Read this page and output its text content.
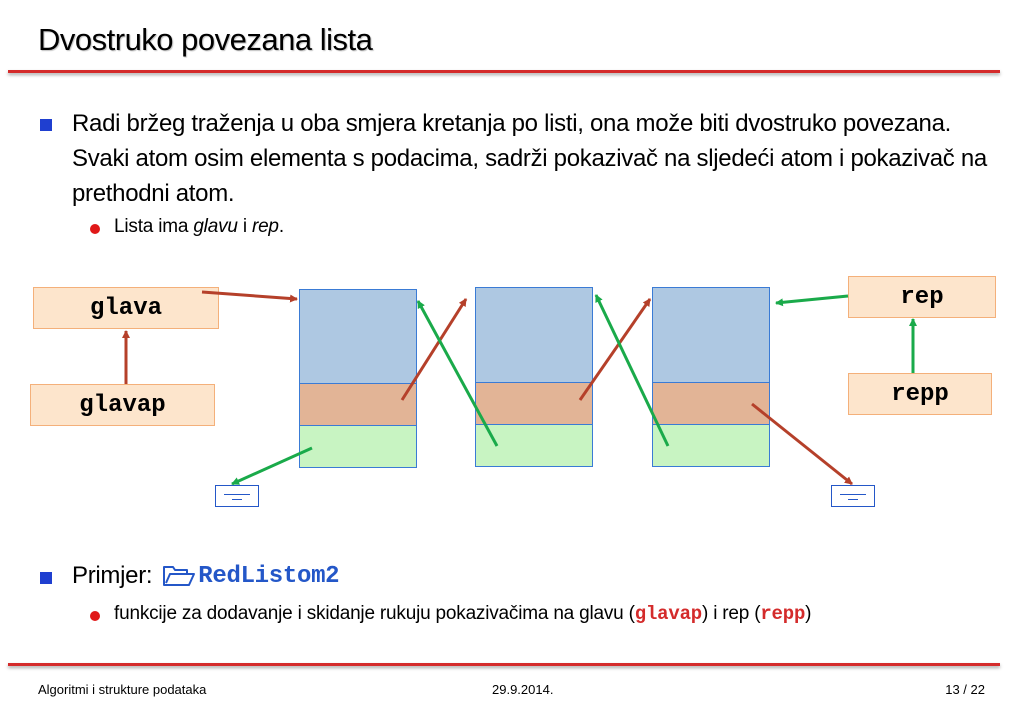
Dvostruko povezana lista
Radi bržeg traženja u oba smjera kretanja po listi, ona može biti dvostruko povezana. Svaki atom osim elementa s podacima, sadrži pokazivač na sljedeći atom i pokazivač na prethodni atom.
Lista ima glavu i rep.
glava
glavap
rep
repp
Primjer: RedListom2
funkcije za dodavanje i skidanje rukuju pokazivačima na glavu (glavap) i rep (repp)
Algoritmi i strukture podataka	29.9.2014.	13 / 22
